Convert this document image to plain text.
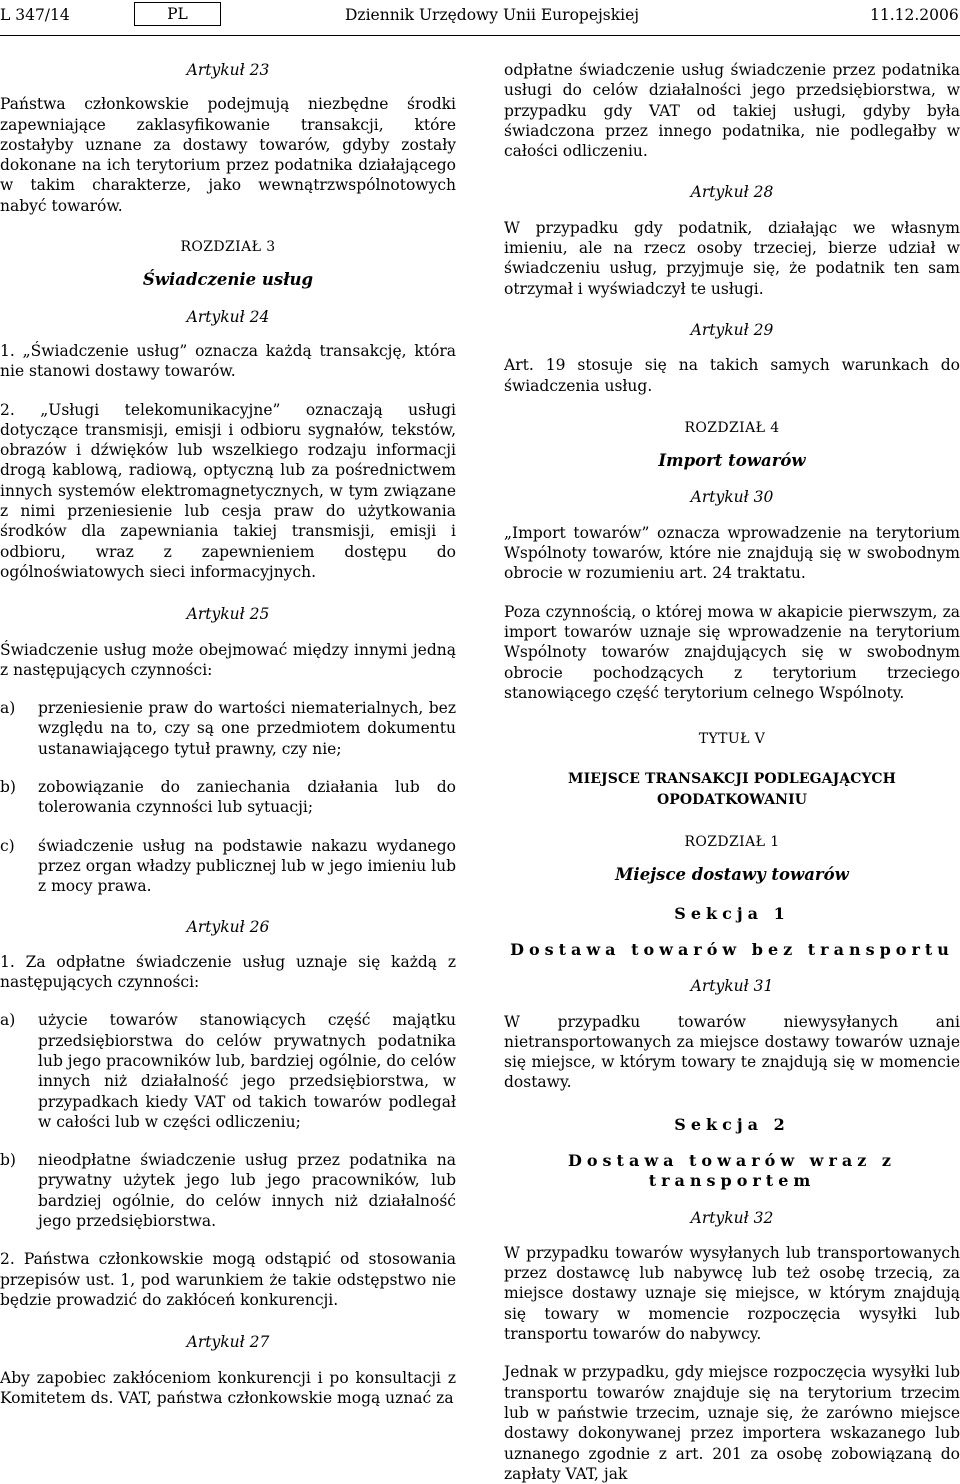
L 347/14	PL	Dziennik Urzędowy Unii Europejskiej	11.12.2006

Artykuł 23

Państwa członkowskie podejmują niezbędne środki zapewniające zaklasyfikowanie transakcji, które zostałyby uznane za dostawy towarów, gdyby zostały dokonane na ich terytorium przez podatnika działającego w takim charakterze, jako wewnątrzwspólnotowych nabyć towarów.

ROZDZIAŁ 3

Świadczenie usług

Artykuł 24

1. „Świadczenie usług” oznacza każdą transakcję, która nie stanowi dostawy towarów.

2. „Usługi telekomunikacyjne” oznaczają usługi dotyczące transmisji, emisji i odbioru sygnałów, tekstów, obrazów i dźwięków lub wszelkiego rodzaju informacji drogą kablową, radiową, optyczną lub za pośrednictwem innych systemów elektromagnetycznych, w tym związane z nimi przeniesienie lub cesja praw do użytkowania środków dla zapewniania takiej transmisji, emisji i odbioru, wraz z zapewnieniem dostępu do ogólnoświatowych sieci informacyjnych.

Artykuł 25

Świadczenie usług może obejmować między innymi jedną z następujących czynności:

a)	przeniesienie praw do wartości niematerialnych, bez względu na to, czy są one przedmiotem dokumentu ustanawiającego tytuł prawny, czy nie;
b)	zobowiązanie do zaniechania działania lub do tolerowania czynności lub sytuacji;
c)	świadczenie usług na podstawie nakazu wydanego przez organ władzy publicznej lub w jego imieniu lub z mocy prawa.

Artykuł 26

1. Za odpłatne świadczenie usług uznaje się każdą z następujących czynności:

a)	użycie towarów stanowiących część majątku przedsiębiorstwa do celów prywatnych podatnika lub jego pracowników lub, bardziej ogólnie, do celów innych niż działalność jego przedsiębiorstwa, w przypadkach kiedy VAT od takich towarów podlegał w całości lub w części odliczeniu;
b)	nieodpłatne świadczenie usług przez podatnika na prywatny użytek jego lub jego pracowników, lub bardziej ogólnie, do celów innych niż działalność jego przedsiębiorstwa.

2. Państwa członkowskie mogą odstąpić od stosowania przepisów ust. 1, pod warunkiem że takie odstępstwo nie będzie prowadzić do zakłóceń konkurencji.

Artykuł 27

Aby zapobiec zakłóceniom konkurencji i po konsultacji z Komitetem ds. VAT, państwa członkowskie mogą uznać za

odpłatne świadczenie usług świadczenie przez podatnika usługi do celów działalności jego przedsiębiorstwa, w przypadku gdy VAT od takiej usługi, gdyby była świadczona przez innego podatnika, nie podlegałby w całości odliczeniu.

Artykuł 28

W przypadku gdy podatnik, działając we własnym imieniu, ale na rzecz osoby trzeciej, bierze udział w świadczeniu usług, przyjmuje się, że podatnik ten sam otrzymał i wyświadczył te usługi.

Artykuł 29

Art. 19 stosuje się na takich samych warunkach do świadczenia usług.

ROZDZIAŁ 4

Import towarów

Artykuł 30

„Import towarów” oznacza wprowadzenie na terytorium Wspólnoty towarów, które nie znajdują się w swobodnym obrocie w rozumieniu art. 24 traktatu.

Poza czynnością, o której mowa w akapicie pierwszym, za import towarów uznaje się wprowadzenie na terytorium Wspólnoty towarów znajdujących się w swobodnym obrocie pochodzących z terytorium trzeciego stanowiącego część terytorium celnego Wspólnoty.

TYTUŁ V

MIEJSCE TRANSAKCJI PODLEGAJĄCYCH OPODATKOWANIU

ROZDZIAŁ 1

Miejsce dostawy towarów

Sekcja 1

Dostawa towarów bez transportu

Artykuł 31

W przypadku towarów niewysyłanych ani nietransportowanych za miejsce dostawy towarów uznaje się miejsce, w którym towary te znajdują się w momencie dostawy.

Sekcja 2

Dostawa towarów wraz z transportem

Artykuł 32

W przypadku towarów wysyłanych lub transportowanych przez dostawcę lub nabywcę lub też osobę trzecią, za miejsce dostawy uznaje się miejsce, w którym znajdują się towary w momencie rozpoczęcia wysyłki lub transportu towarów do nabywcy.

Jednak w przypadku, gdy miejsce rozpoczęcia wysyłki lub transportu towarów znajduje się na terytorium trzecim lub w państwie trzecim, uznaje się, że zarówno miejsce dostawy dokonywanej przez importera wskazanego lub uznanego zgodnie z art. 201 za osobę zobowiązaną do zapłaty VAT, jak
